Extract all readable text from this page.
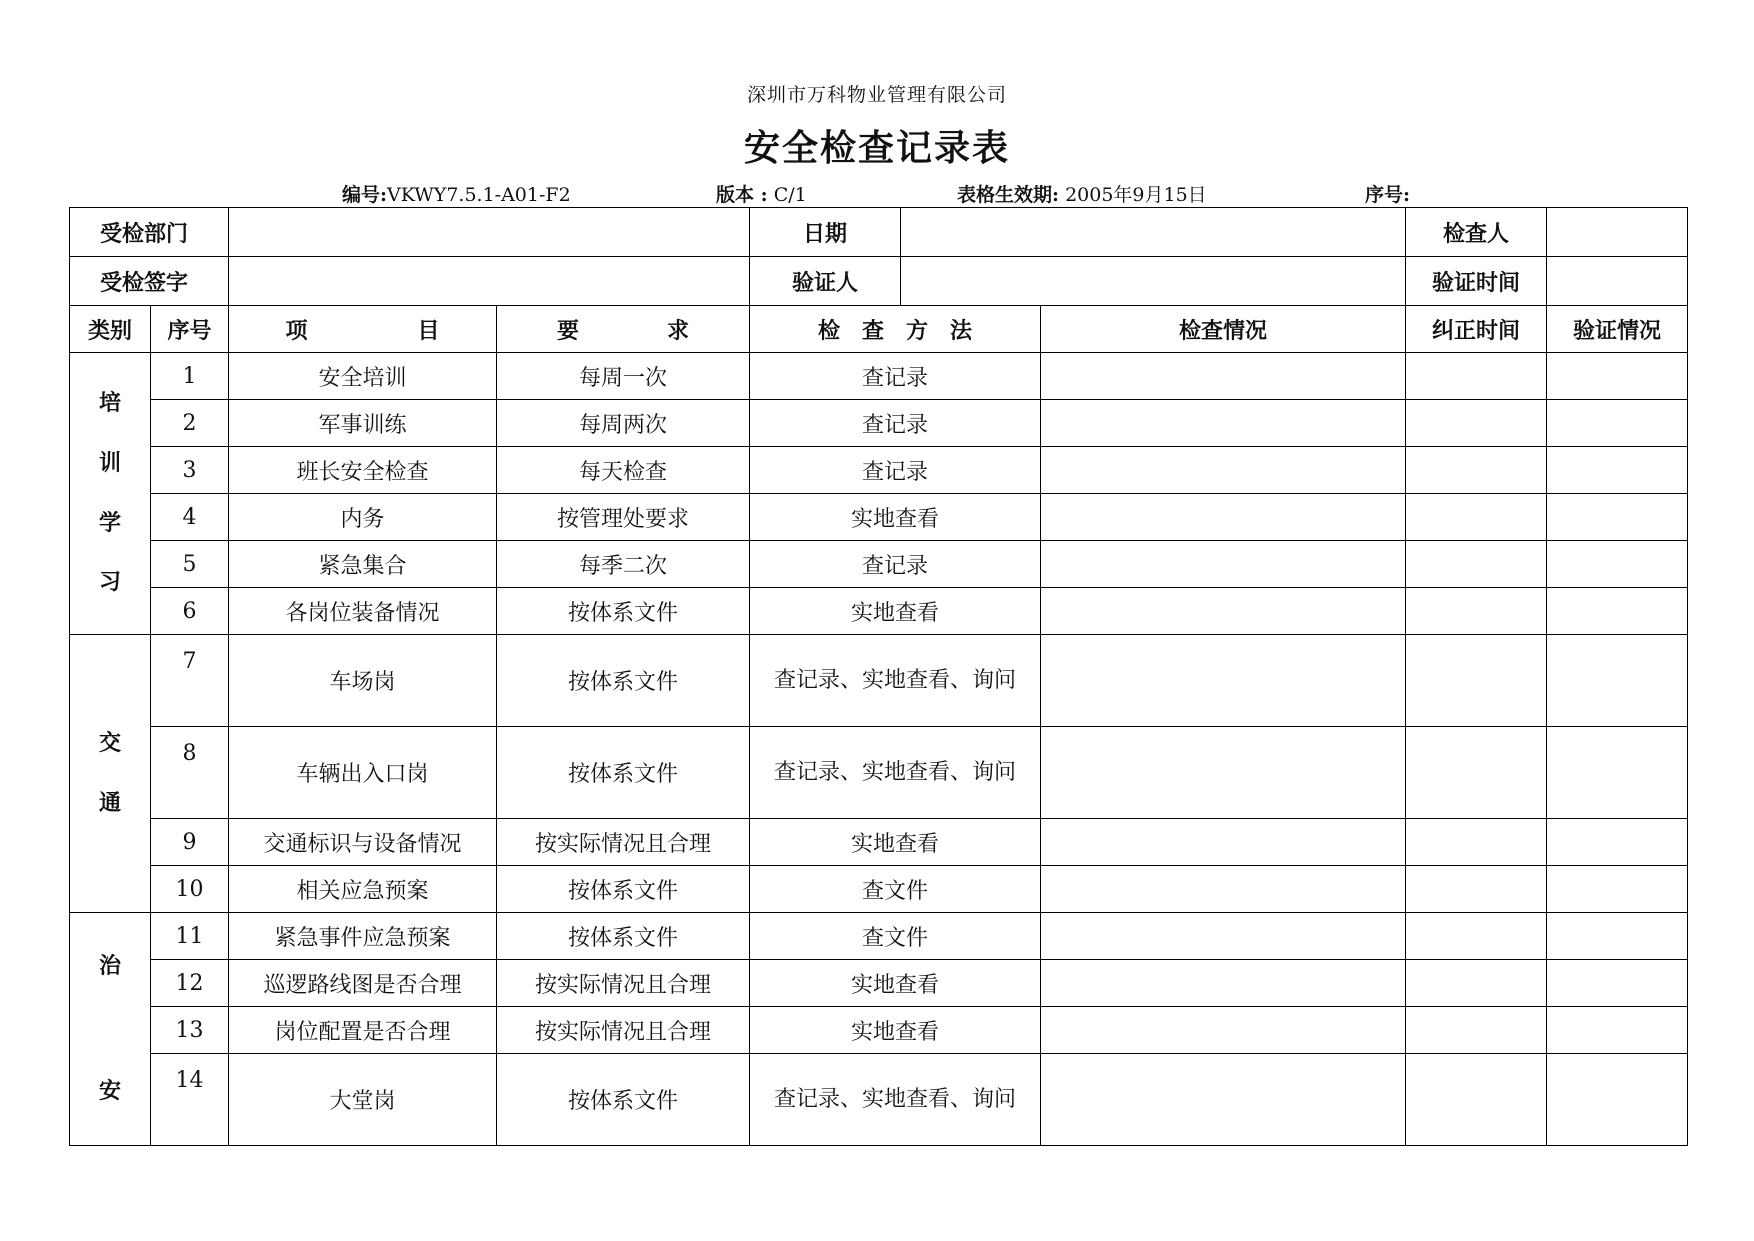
深圳市万科物业管理有限公司
安全检查记录表
编号:VKWY7.5.1-A01-F2	版本 : C/1	表格生效期: 2005年9月15日	序号:
受检部门				日期			检查人	
受检签字				验证人			验证时间	
类别	序号	项　　　　　目	要　　　　求	检　查　方　法		检查情况	纠正时间	验证情况

培
训
学
习	1	安全培训	每周一次	查记录				
	2	军事训练	每周两次	查记录				
	3	班长安全检查	每天检查	查记录				
	4	内务	按管理处要求	实地查看				
	5	紧急集合	每季二次	查记录				
	6	各岗位装备情况	按体系文件	实地查看				

交
通	7	车场岗	按体系文件	查记录、实地查看、询问				
	8	车辆出入口岗	按体系文件	查记录、实地查看、询问				
	9	交通标识与设备情况	按实际情况且合理	实地查看				
	10	相关应急预案	按体系文件	查文件				

治
安	11	紧急事件应急预案	按体系文件	查文件				
	12	巡逻路线图是否合理	按实际情况且合理	实地查看				
	13	岗位配置是否合理	按实际情况且合理	实地查看				
	14	大堂岗	按体系文件	查记录、实地查看、询问				
